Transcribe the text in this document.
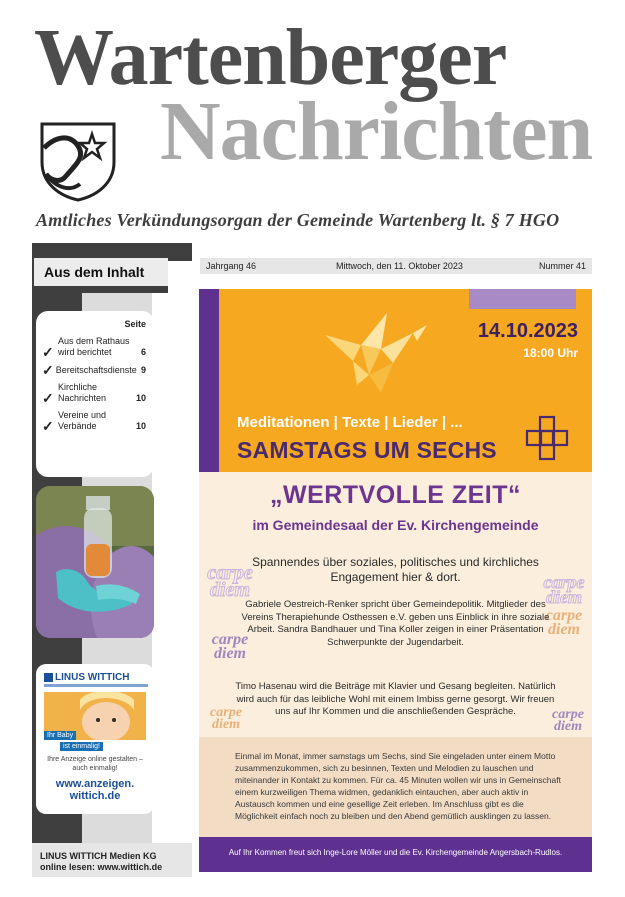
Wartenberger
Nachrichten
Amtliches Verkündungsorgan der Gemeinde Wartenberg lt. § 7 HGO
Aus dem Inhalt
Seite
✓
Aus dem Rathaus wird berichtet	6
✓ Bereitschaftsdienste 9
✓
Kirchliche Nachrichten	10
✓
Vereine und Verbände	10
LINUS WITTICH
Ihr Baby
ist einmalig!
Ihre Anzeige online gestalten – auch einmalig!
www.anzeigen.
wittich.de
LINUS WITTICH Medien KG
online lesen: www.wittich.de
Jahrgang 46	Mittwoch, den 11. Oktober 2023	Nummer 41
14.10.2023
18:00 Uhr
Meditationen | Texte | Lieder | ...
SAMSTAGS UM SECHS
carpe diem	carpe diem
carpe diem
carpe diem
carpe diem
carpe diem
„WERTVOLLE ZEIT“
im Gemeindesaal der Ev. Kirchengemeinde
Spannendes über soziales, politisches und kirchliches Engagement hier & dort.
Gabriele Oestreich-Renker spricht über Gemeindepolitik. Mitglieder des Vereins Therapiehunde Osthessen e.V. geben uns Einblick in ihre soziale Arbeit. Sandra Bandhauer und Tina Koller zeigen in einer Präsentation Schwerpunkte der Jugendarbeit.
Timo Hasenau wird die Beiträge mit Klavier und Gesang begleiten. Natürlich wird auch für das leibliche Wohl mit einem Imbiss gerne gesorgt. Wir freuen uns auf Ihr Kommen und die anschließenden Gespräche.
Einmal im Monat, immer samstags um Sechs, sind Sie eingeladen unter einem Motto zusammenzukommen, sich zu besinnen, Texten und Melodien zu lauschen und miteinander in Kontakt zu kommen. Für ca. 45 Minuten wollen wir uns in Gemeinschaft einem kurzweiligen Thema widmen, gedanklich eintauchen, aber auch aktiv in Austausch kommen und eine gesellige Zeit erleben. Im Anschluss gibt es die Möglichkeit einfach noch zu bleiben und den Abend gemütlich ausklingen zu lassen.
Auf Ihr Kommen freut sich Inge-Lore Möller und die Ev. Kirchengemeinde Angersbach-Rudlos.
